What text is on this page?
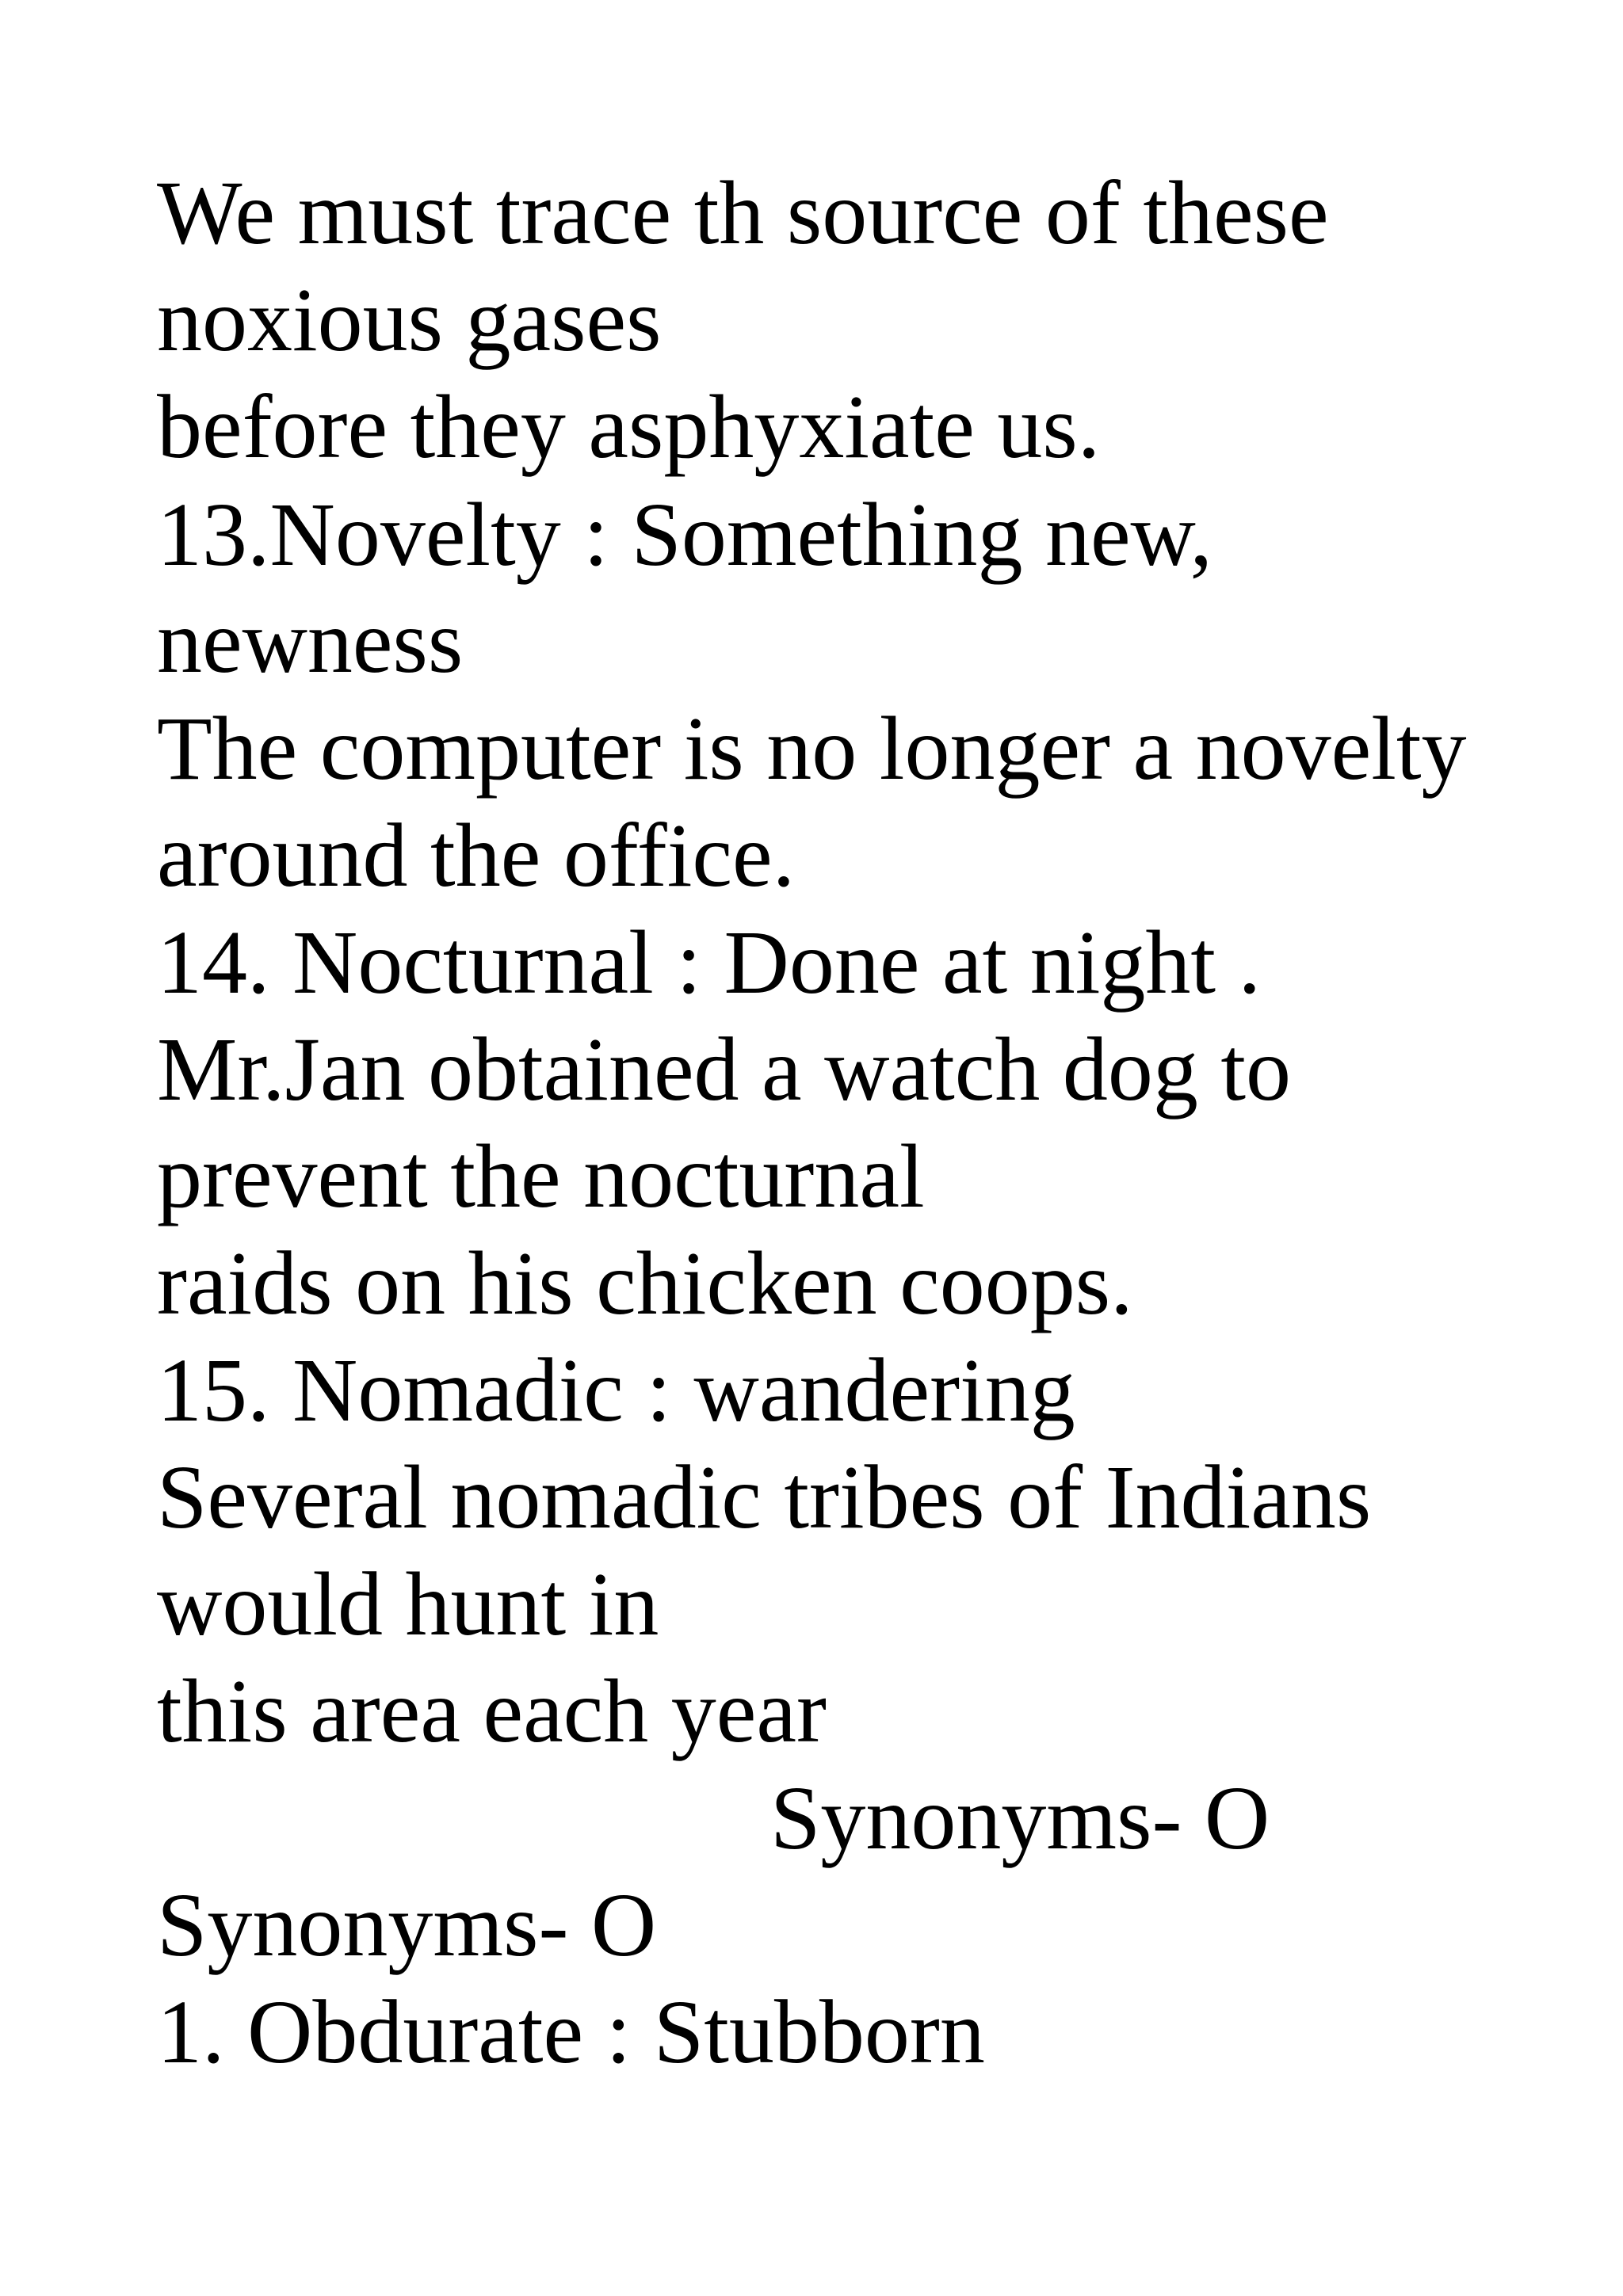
We must trace th source of these

noxious gases

before they asphyxiate us.

13.Novelty : Something new,

newness

The computer is no longer a novelty

around the office.

14. Nocturnal : Done at night .

Mr.Jan obtained a watch dog to

prevent the nocturnal

raids on his chicken coops.

15. Nomadic : wandering

Several nomadic tribes of Indians

would hunt in

this area each year

Synonyms- O

Synonyms- O

1. Obdurate : Stubborn
